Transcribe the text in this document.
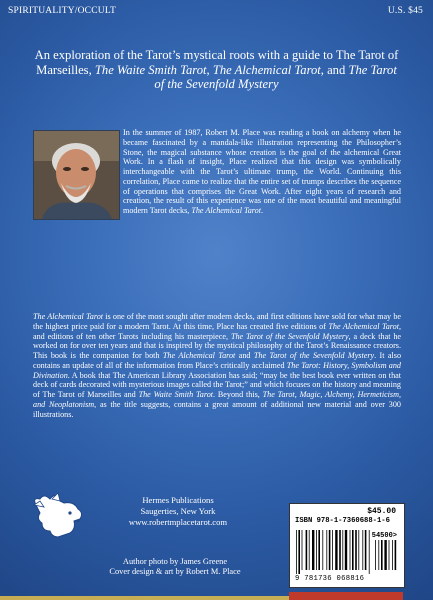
SPIRITUALITY/OCCULT	U.S. $45
An exploration of the Tarot’s mystical roots with a guide to The Tarot of Marseilles, The Waite Smith Tarot, The Alchemical Tarot, and The Tarot of the Sevenfold Mystery
In the summer of 1987, Robert M. Place was reading a book on alchemy when he became fascinated by a mandala-like illustration representing the Philosopher’s Stone, the magical substance whose creation is the goal of the alchemical Great Work. In a flash of insight, Place realized that this design was symbolically interchangeable with the Tarot’s ultimate trump, the World. Continuing this correlation, Place came to realize that the entire set of trumps describes the sequence of operations that comprises the Great Work. After eight years of research and creation, the result of this experience was one of the most beautiful and meaningful modern Tarot decks, The Alchemical Tarot.
The Alchemical Tarot is one of the most sought after modern decks, and first editions have sold for what may be the highest price paid for a modern Tarot. At this time, Place has created five editions of The Alchemical Tarot, and editions of ten other Tarots including his masterpiece, The Tarot of the Sevenfold Mystery, a deck that he worked on for over ten years and that is inspired by the mystical philosophy of the Tarot’s Renaissance creators. This book is the companion for both The Alchemical Tarot and The Tarot of the Sevenfold Mystery. It also contains an update of all of the information from Place’s critically acclaimed The Tarot: History, Symbolism and Divination. A book that The American Library Association has said; “may be the best book ever written on that deck of cards decorated with mysterious images called the Tarot;” and which focuses on the history and meaning of The Tarot of Marseilles and The Waite Smith Tarot. Beyond this, The Tarot, Magic, Alchemy, Hermeticism, and Neoplatonism, as the title suggests, contains a great amount of additional new material and over 300 illustrations.
Hermes Publications
Saugerties, New York
www.robertmplacetarot.com
Author photo by James Greene
Cover design & art by Robert M. Place
$45.00
ISBN 978-1-7360688-1-6
54500>
9 781736 068816
